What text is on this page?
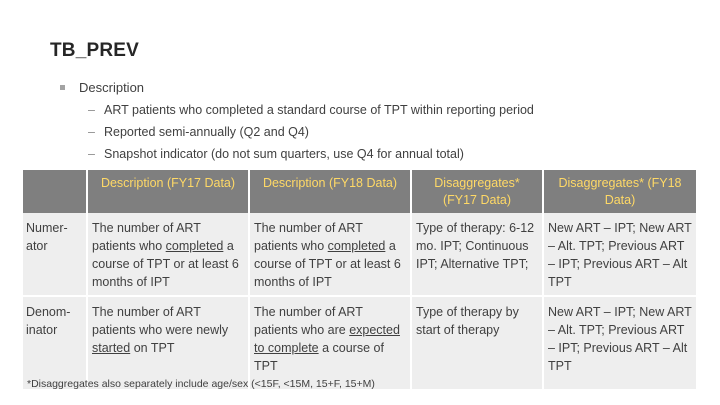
TB_PREV
Description
– ART patients who completed a standard course of TPT within reporting period
– Reported semi-annually (Q2 and Q4)
– Snapshot indicator (do not sum quarters, use Q4 for annual total)
	Description (FY17 Data)	Description (FY18 Data)	Disaggregates* (FY17 Data)	Disaggregates* (FY18 Data)
Numer-ator	The number of ART patients who completed a course of TPT or at least 6 months of IPT	The number of ART patients who completed a course of TPT or at least 6 months of IPT	Type of therapy: 6-12 mo. IPT; Continuous IPT; Alternative TPT;	New ART – IPT; New ART – Alt. TPT; Previous ART – IPT; Previous ART – Alt TPT
Denom-inator	The number of ART patients who were newly started on TPT	The number of ART patients who are expected to complete a course of TPT	Type of therapy by start of therapy	New ART – IPT; New ART – Alt. TPT; Previous ART – IPT; Previous ART – Alt TPT
*Disaggregates also separately include age/sex (<15F, <15M, 15+F, 15+M)
